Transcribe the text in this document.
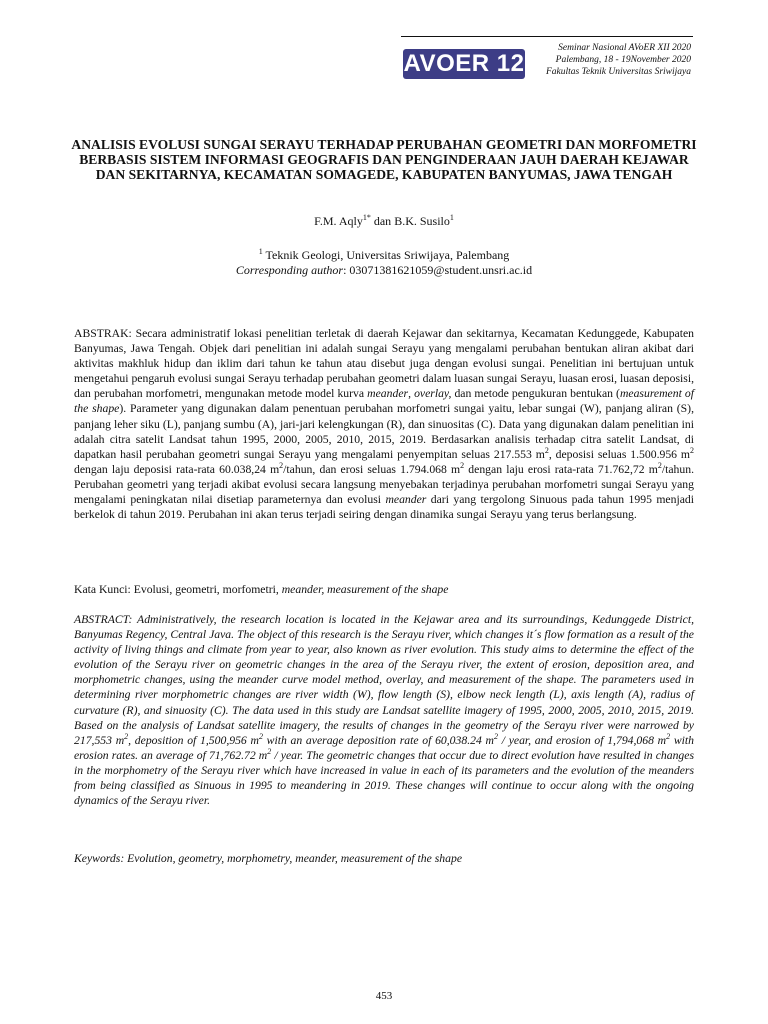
AVOER 12
Seminar Nasional AVoER XII 2020
Palembang, 18 - 19November 2020
Fakultas Teknik Universitas Sriwijaya
ANALISIS EVOLUSI SUNGAI SERAYU TERHADAP PERUBAHAN GEOMETRI DAN MORFOMETRI BERBASIS SISTEM INFORMASI GEOGRAFIS DAN PENGINDERAAN JAUH DAERAH KEJAWAR DAN SEKITARNYA, KECAMATAN SOMAGEDE, KABUPATEN BANYUMAS, JAWA TENGAH
F.M. Aqly$^{1*}$ dan B.K. Susilo$^1$
$^1$ Teknik Geologi, Universitas Sriwijaya, Palembang
Corresponding author: 03071381621059@student.unsri.ac.id

ABSTRAK: Secara administratif lokasi penelitian terletak di daerah Kejawar dan sekitarnya, Kecamatan Kedunggede, Kabupaten Banyumas, Jawa Tengah. Objek dari penelitian ini adalah sungai Serayu yang mengalami perubahan bentukan aliran akibat dari aktivitas makhluk hidup dan iklim dari tahun ke tahun atau disebut juga dengan evolusi sungai. Penelitian ini bertujuan untuk mengetahui pengaruh evolusi sungai Serayu terhadap perubahan geometri dalam luasan sungai Serayu, luasan erosi, luasan deposisi, dan perubahan morfometri, mengunakan metode model kurva meander, overlay, dan metode pengukuran bentukan (measurement of the shape). Parameter yang digunakan dalam penentuan perubahan morfometri sungai yaitu, lebar sungai (W), panjang aliran (S), panjang leher siku (L), panjang sumbu (A), jari-jari kelengkungan (R), dan sinuositas (C). Data yang digunakan dalam penelitian ini adalah citra satelit Landsat tahun 1995, 2000, 2005, 2010, 2015, 2019. Berdasarkan analisis terhadap citra satelit Landsat, di dapatkan hasil perubahan geometri sungai Serayu yang mengalami penyempitan seluas 217.553 $m^2$, deposisi seluas 1.500.956 $m^2$ dengan laju deposisi rata-rata 60.038,24 $m^2$/tahun, dan erosi seluas 1.794.068 $m^2$ dengan laju erosi rata-rata 71.762,72 $m^2$/tahun. Perubahan geometri yang terjadi akibat evolusi secara langsung menyebakan terjadinya perubahan morfometri sungai Serayu yang mengalami peningkatan nilai disetiap parameternya dan evolusi meander dari yang tergolong Sinuous pada tahun 1995 menjadi berkelok di tahun 2019. Perubahan ini akan terus terjadi seiring dengan dinamika sungai Serayu yang terus berlangsung.

Kata Kunci: Evolusi, geometri, morfometri, meander, measurement of the shape

ABSTRACT: Administratively, the research location is located in the Kejawar area and its surroundings, Kedunggede District, Banyumas Regency, Central Java. The object of this research is the Serayu river, which changes it´s flow formation as a result of the activity of living things and climate from year to year, also known as river evolution. This study aims to determine the effect of the evolution of the Serayu river on geometric changes in the area of the Serayu river, the extent of erosion, deposition area, and morphometric changes, using the meander curve model method, overlay, and measurement of the shape. The parameters used in determining river morphometric changes are river width (W), flow length (S), elbow neck length (L), axis length (A), radius of curvature (R), and sinuosity (C). The data used in this study are Landsat satellite imagery of 1995, 2000, 2005, 2010, 2015, 2019. Based on the analysis of Landsat satellite imagery, the results of changes in the geometry of the Serayu river were narrowed by 217,553 $m^2$, deposition of 1,500,956 $m^2$ with an average deposition rate of 60,038.24 $m^2$ / year, and erosion of 1,794,068 $m^2$ with erosion rates. an average of 71,762.72 $m^2$ / year. The geometric changes that occur due to direct evolution have resulted in changes in the morphometry of the Serayu river which have increased in value in each of its parameters and the evolution of the meanders from being classified as Sinuous in 1995 to meandering in 2019. These changes will continue to occur along with the ongoing dynamics of the Serayu river.

Keywords: Evolution, geometry, morphometry, meander, measurement of the shape

453
